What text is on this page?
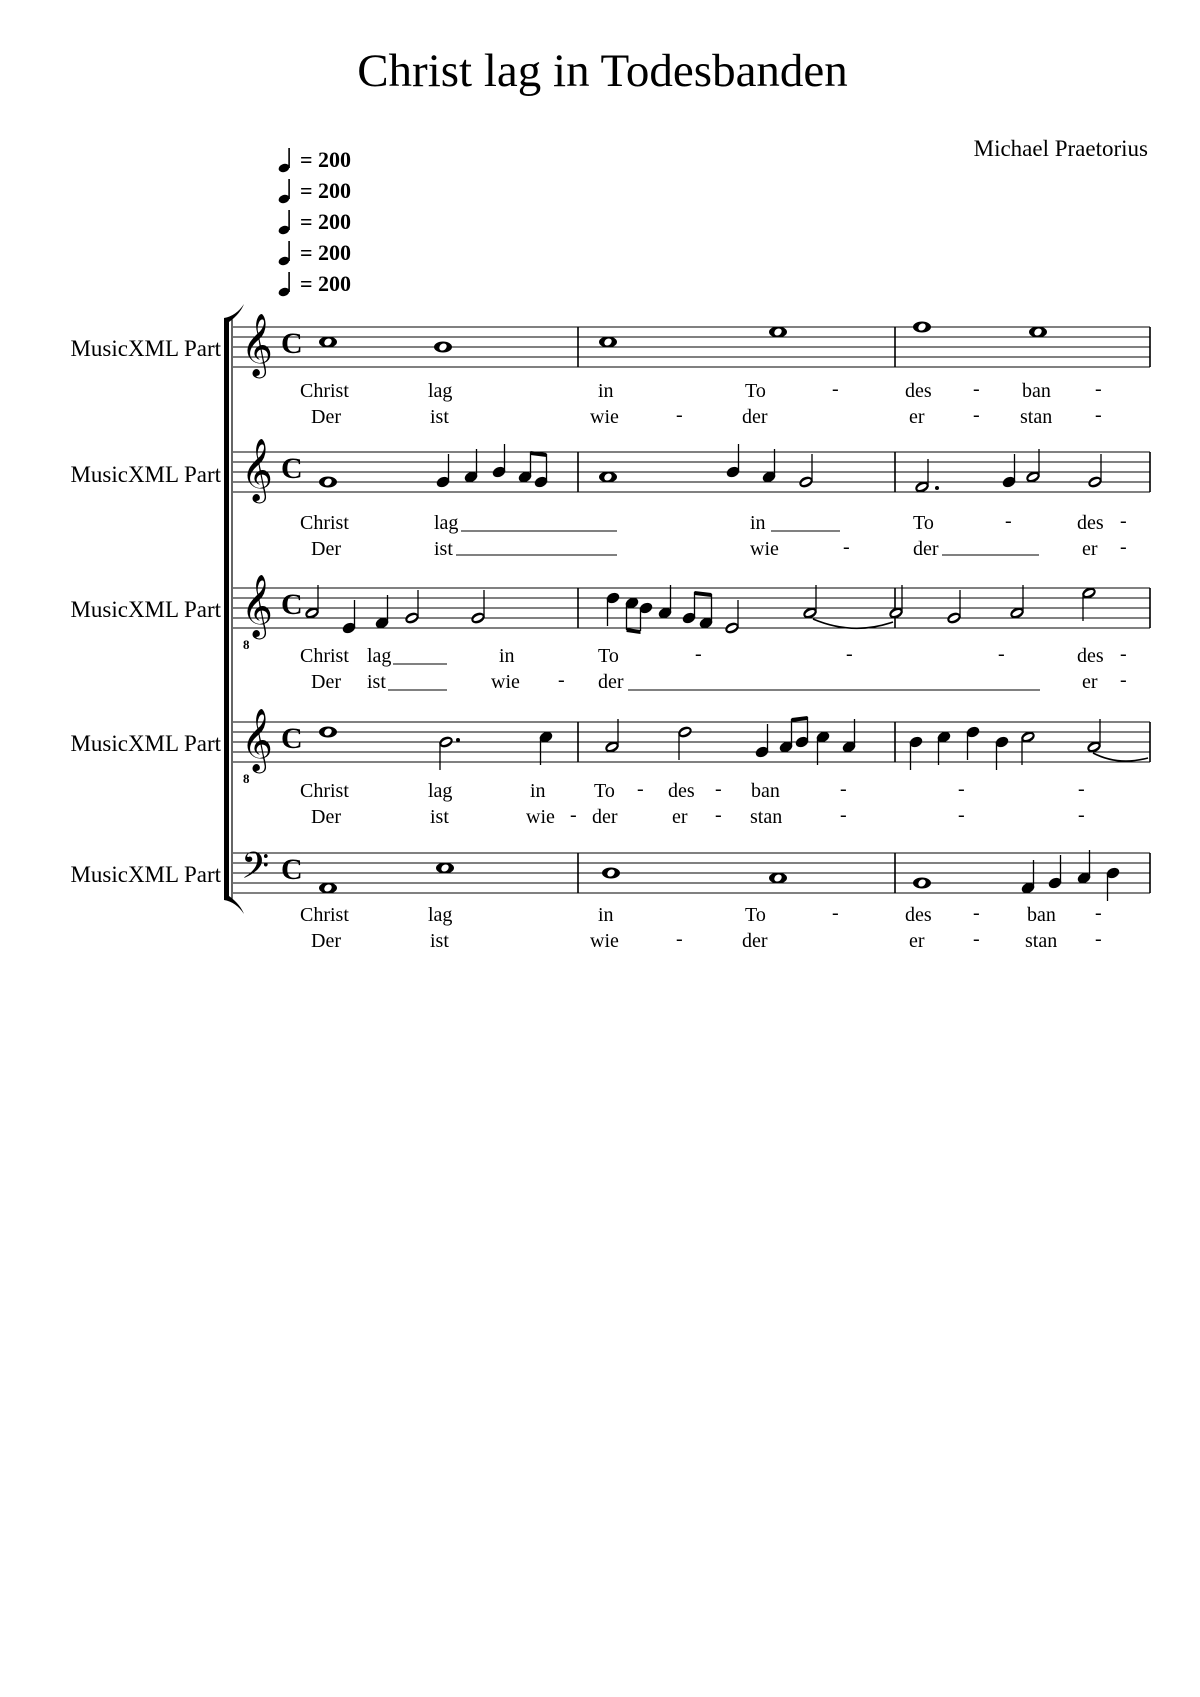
Christ lag in Todesbanden
Michael Praetorius
= 200
= 200
= 200
= 200
= 200
MusicXML Part
MusicXML Part
MusicXML Part
MusicXML Part
MusicXML Part
𝄞 C
𝄞 C
𝄞
8
C
𝄞
8
C
𝄢 C
Christ	lag	in	To	-	des - ban -
Der	ist	wie	-	der	er - stan -
Christ	lag	in	To	-	des -
Der	ist	wie	-	der	er -
Christ lag	in	To	-	-	-	des -
Der ist	wie - der	er -
Christ	lag	in To - des - ban	-	-	-
Der	ist	wie - der	er - stan	-	-	-
Christ	lag	in	To	-	des - ban -
Der	ist	wie	-	der	er - stan -
